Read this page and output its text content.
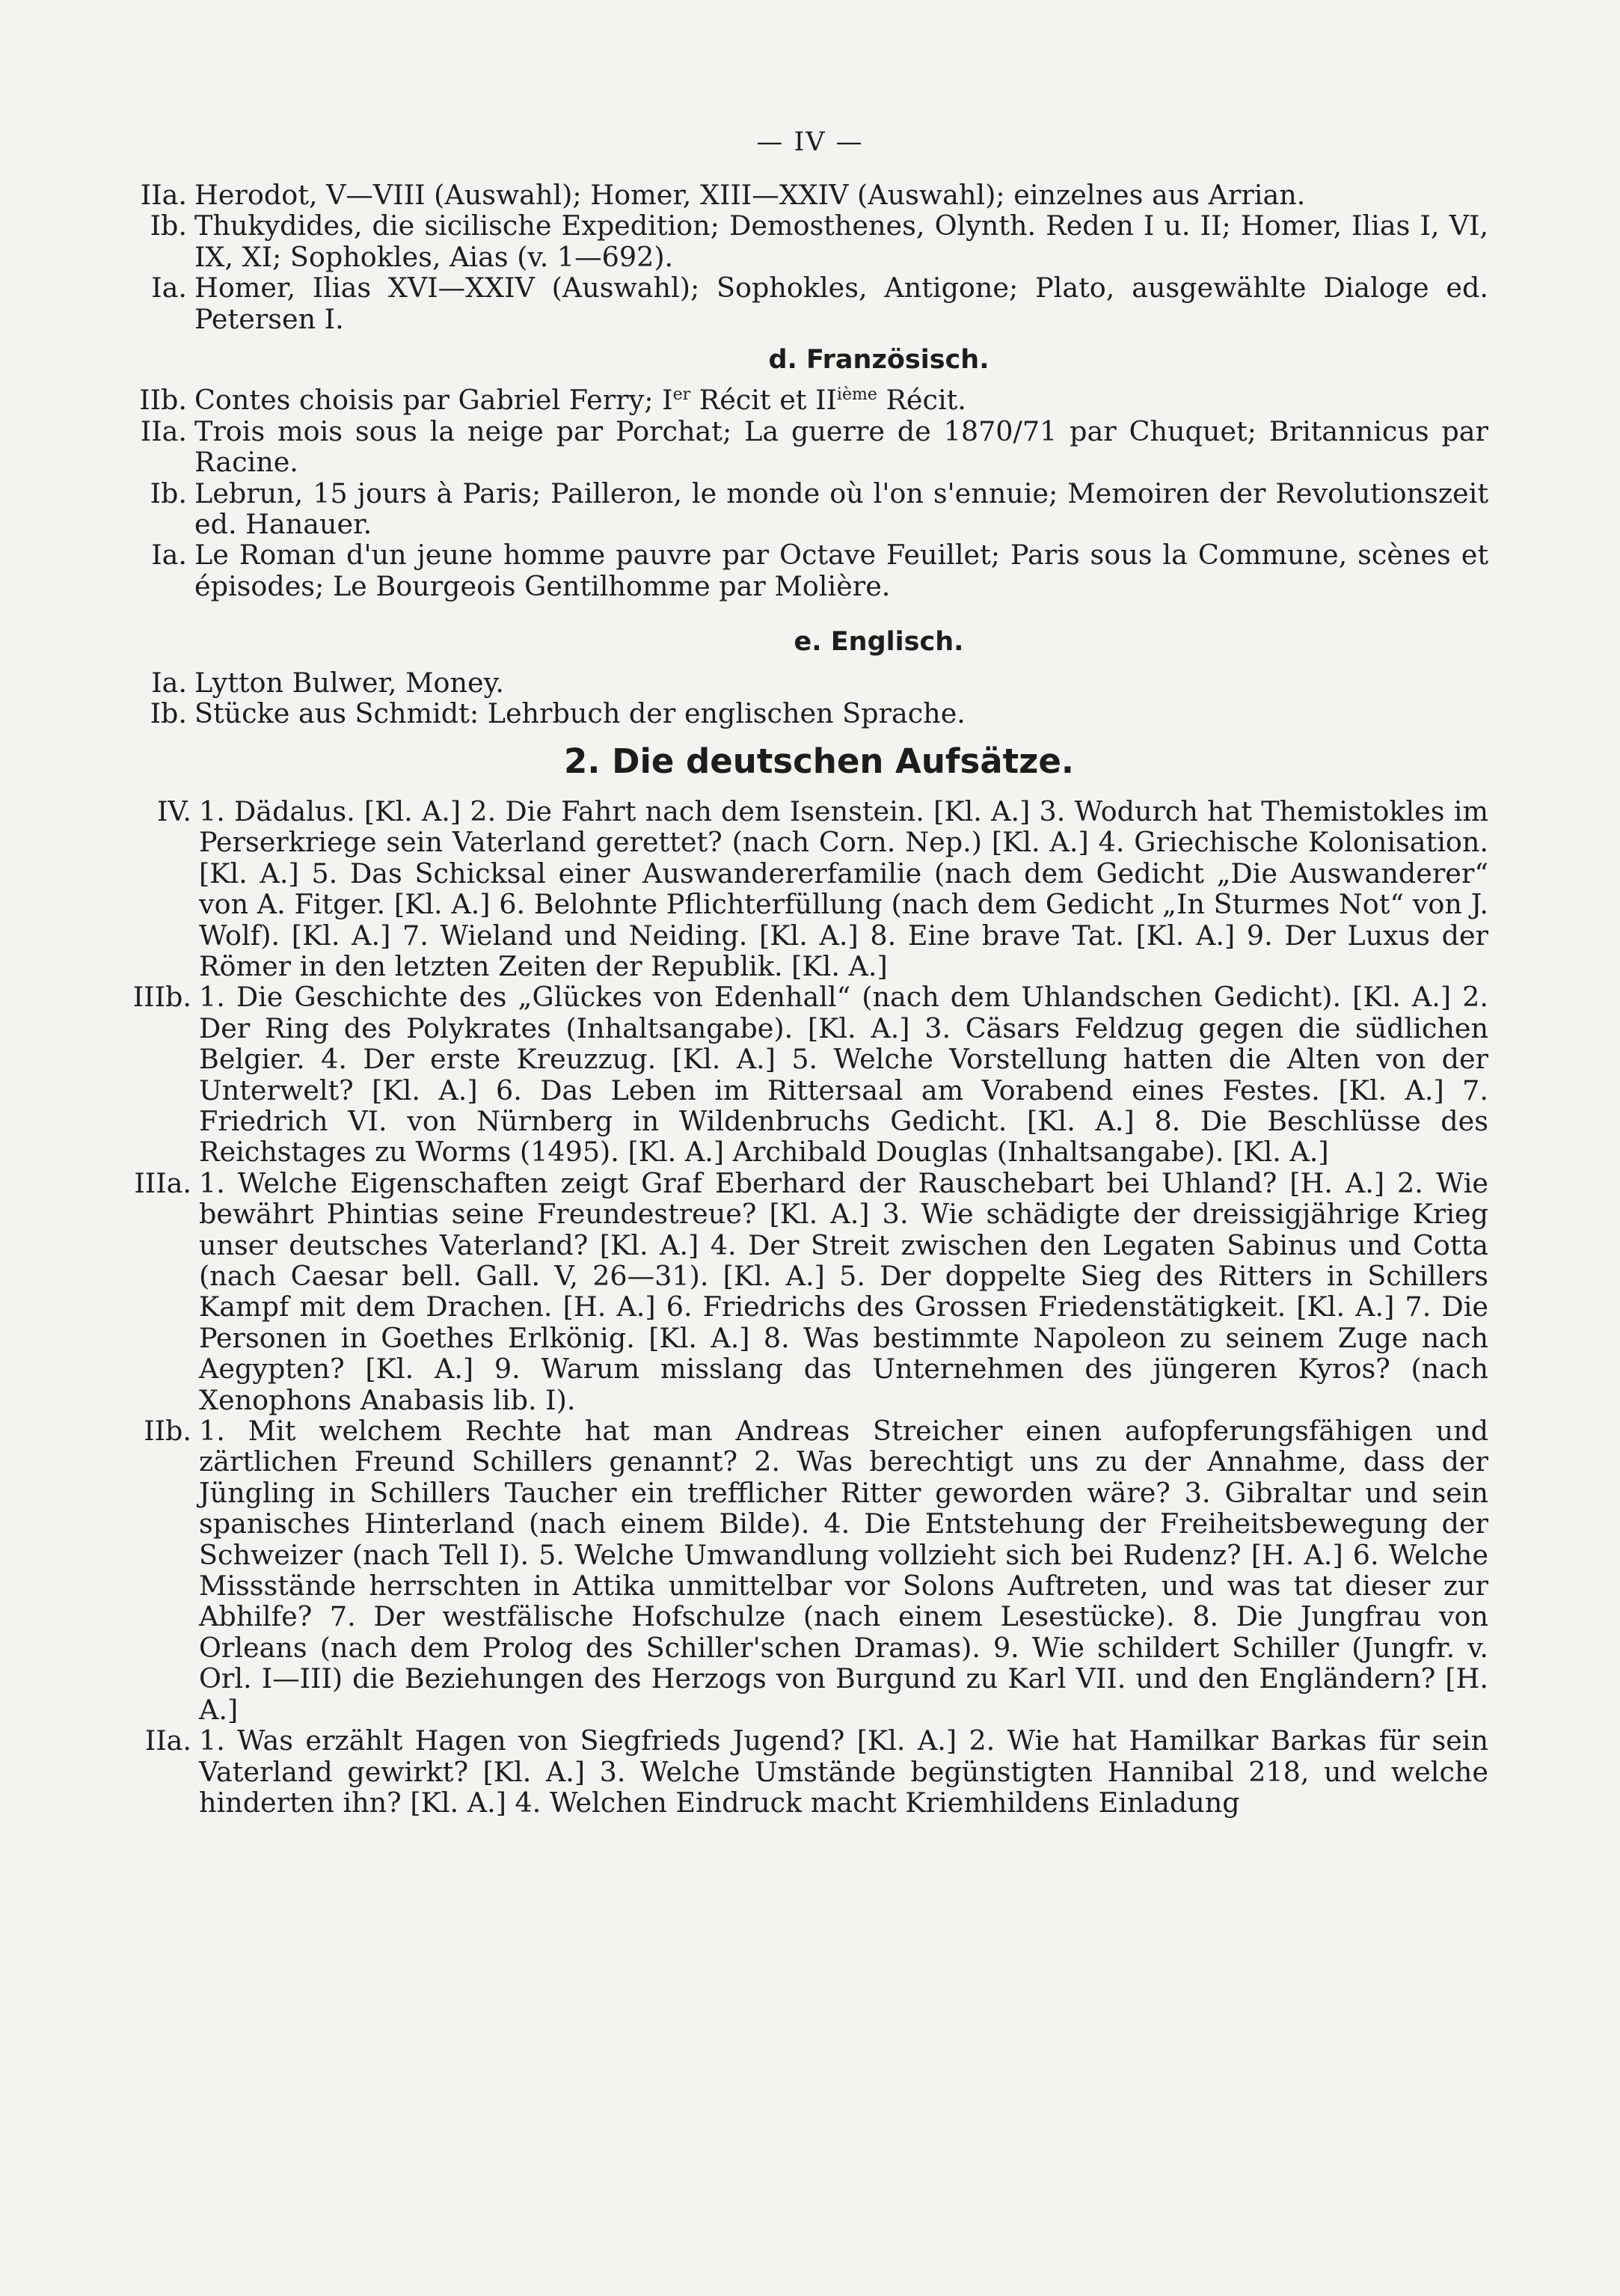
— IV —
IIa. Herodot, V—VIII (Auswahl); Homer, XIII—XXIV (Auswahl); einzelnes aus Arrian.
Ib. Thukydides, die sicilische Expedition; Demosthenes, Olynth. Reden I u. II; Homer, Ilias I, VI, IX, XI; Sophokles, Aias (v. 1—692).
Ia. Homer, Ilias XVI—XXIV (Auswahl); Sophokles, Antigone; Plato, ausgewählte Dialoge ed. Petersen I.
d. Französisch.
IIb. Contes choisis par Gabriel Ferry; Ier Récit et IIième Récit.
IIa. Trois mois sous la neige par Porchat; La guerre de 1870/71 par Chuquet; Britannicus par Racine.
Ib. Lebrun, 15 jours à Paris; Pailleron, le monde où l'on s'ennuie; Memoiren der Revolutionszeit ed. Hanauer.
Ia. Le Roman d'un jeune homme pauvre par Octave Feuillet; Paris sous la Commune, scènes et épisodes; Le Bourgeois Gentilhomme par Molière.
e. Englisch.
Ia. Lytton Bulwer, Money.
Ib. Stücke aus Schmidt: Lehrbuch der englischen Sprache.
2. Die deutschen Aufsätze.
IV. 1. Dädalus. [Kl. A.] 2. Die Fahrt nach dem Isenstein. [Kl. A.] 3. Wodurch hat Themistokles im Perserkriege sein Vaterland gerettet? (nach Corn. Nep.) [Kl. A.] 4. Griechische Kolonisation. [Kl. A.] 5. Das Schicksal einer Auswandererfamilie (nach dem Gedicht „Die Auswanderer“ von A. Fitger. [Kl. A.] 6. Belohnte Pflichterfüllung (nach dem Gedicht „In Sturmes Not“ von J. Wolf). [Kl. A.] 7. Wieland und Neiding. [Kl. A.] 8. Eine brave Tat. [Kl. A.] 9. Der Luxus der Römer in den letzten Zeiten der Republik. [Kl. A.]
IIIb. 1. Die Geschichte des „Glückes von Edenhall“ (nach dem Uhlandschen Gedicht). [Kl. A.] 2. Der Ring des Polykrates (Inhaltsangabe). [Kl. A.] 3. Cäsars Feldzug gegen die südlichen Belgier. 4. Der erste Kreuzzug. [Kl. A.] 5. Welche Vorstellung hatten die Alten von der Unterwelt? [Kl. A.] 6. Das Leben im Rittersaal am Vorabend eines Festes. [Kl. A.] 7. Friedrich VI. von Nürnberg in Wildenbruchs Gedicht. [Kl. A.] 8. Die Beschlüsse des Reichstages zu Worms (1495). [Kl. A.] Archibald Douglas (Inhaltsangabe). [Kl. A.]
IIIa. 1. Welche Eigenschaften zeigt Graf Eberhard der Rauschebart bei Uhland? [H. A.] 2. Wie bewährt Phintias seine Freundestreue? [Kl. A.] 3. Wie schädigte der dreissigjährige Krieg unser deutsches Vaterland? [Kl. A.] 4. Der Streit zwischen den Legaten Sabinus und Cotta (nach Caesar bell. Gall. V, 26—31). [Kl. A.] 5. Der doppelte Sieg des Ritters in Schillers Kampf mit dem Drachen. [H. A.] 6. Friedrichs des Grossen Friedenstätigkeit. [Kl. A.] 7. Die Personen in Goethes Erlkönig. [Kl. A.] 8. Was bestimmte Napoleon zu seinem Zuge nach Aegypten? [Kl. A.] 9. Warum misslang das Unternehmen des jüngeren Kyros? (nach Xenophons Anabasis lib. I).
IIb. 1. Mit welchem Rechte hat man Andreas Streicher einen aufopferungsfähigen und zärtlichen Freund Schillers genannt? 2. Was berechtigt uns zu der Annahme, dass der Jüngling in Schillers Taucher ein trefflicher Ritter geworden wäre? 3. Gibraltar und sein spanisches Hinterland (nach einem Bilde). 4. Die Entstehung der Freiheitsbewegung der Schweizer (nach Tell I). 5. Welche Umwandlung vollzieht sich bei Rudenz? [H. A.] 6. Welche Missstände herrschten in Attika unmittelbar vor Solons Auftreten, und was tat dieser zur Abhilfe? 7. Der westfälische Hofschulze (nach einem Lesestücke). 8. Die Jungfrau von Orleans (nach dem Prolog des Schiller'schen Dramas). 9. Wie schildert Schiller (Jungfr. v. Orl. I—III) die Beziehungen des Herzogs von Burgund zu Karl VII. und den Engländern? [H. A.]
IIa. 1. Was erzählt Hagen von Siegfrieds Jugend? [Kl. A.] 2. Wie hat Hamilkar Barkas für sein Vaterland gewirkt? [Kl. A.] 3. Welche Umstände begünstigten Hannibal 218, und welche hinderten ihn? [Kl. A.] 4. Welchen Eindruck macht Kriemhildens Einladung
